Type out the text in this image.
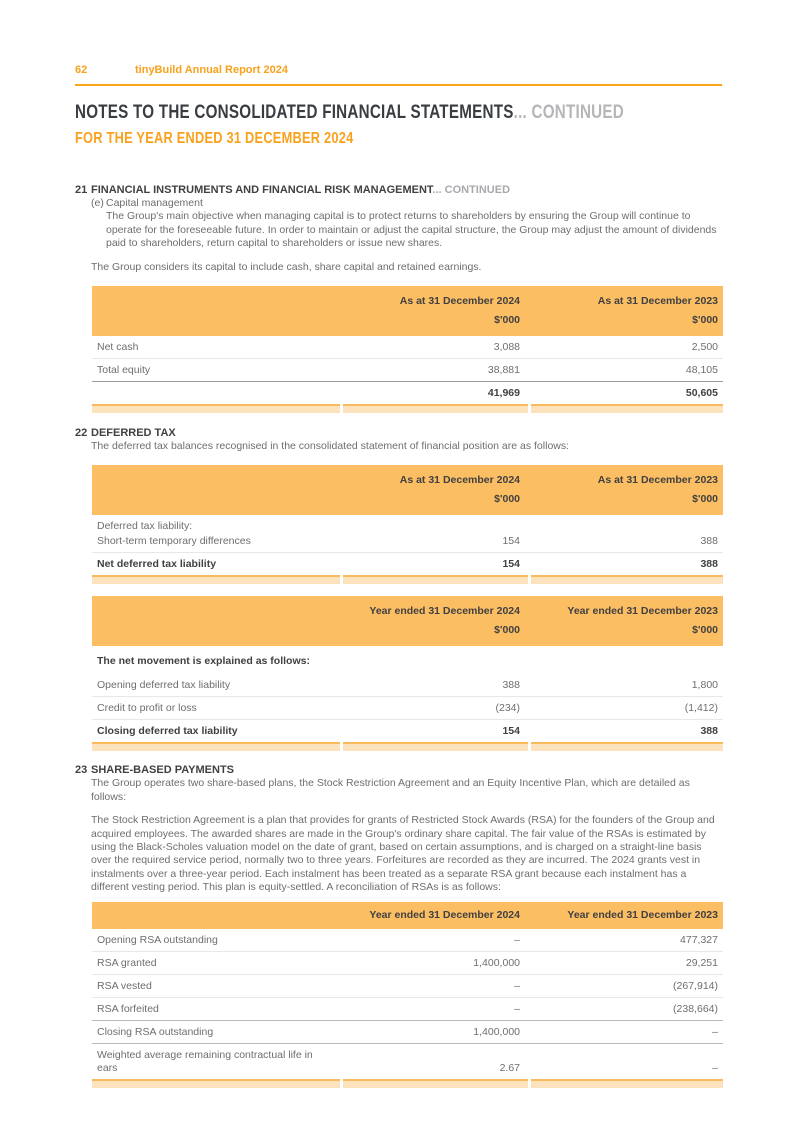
62	tinyBuild Annual Report 2024
NOTES TO THE CONSOLIDATED FINANCIAL STATEMENTS... CONTINUED
FOR THE YEAR ENDED 31 DECEMBER 2024
21 FINANCIAL INSTRUMENTS AND FINANCIAL RISK MANAGEMENT... CONTINUED
(e) Capital management

The Group's main objective when managing capital is to protect returns to shareholders by ensuring the Group will continue to operate for the foreseeable future. In order to maintain or adjust the capital structure, the Group may adjust the amount of dividends paid to shareholders, return capital to shareholders or issue new shares.

The Group considers its capital to include cash, share capital and retained earnings.

	As at 31 December 2024	As at 31 December 2023
	$'000	$'000
Net cash	3,088	2,500
Total equity	38,881	48,105
	41,969	50,605
22 DEFERRED TAX

The deferred tax balances recognised in the consolidated statement of financial position are as follows:

	As at 31 December 2024	As at 31 December 2023
	$'000	$'000

Deferred tax liability:
Short-term temporary differences	154	388
Net deferred tax liability	154	388
	Year ended 31 December 2024	Year ended 31 December 2023
	$'000	$'000
The net movement is explained as follows:		
Opening deferred tax liability	388	1,800
Credit to profit or loss	(234)	(1,412)
Closing deferred tax liability	154	388
23 SHARE-BASED PAYMENTS

The Group operates two share-based plans, the Stock Restriction Agreement and an Equity Incentive Plan, which are detailed as follows:

The Stock Restriction Agreement is a plan that provides for grants of Restricted Stock Awards (RSA) for the founders of the Group and acquired employees. The awarded shares are made in the Group's ordinary share capital. The fair value of the RSAs is estimated by using the Black-Scholes valuation model on the date of grant, based on certain assumptions, and is charged on a straight-line basis over the required service period, normally two to three years. Forfeitures are recorded as they are incurred. The 2024 grants vest in instalments over a three-year period. Each instalment has been treated as a separate RSA grant because each instalment has a different vesting period. This plan is equity-settled. A reconciliation of RSAs is as follows:

	Year ended 31 December 2024	Year ended 31 December 2023
Opening RSA outstanding	–	477,327
RSA granted	1,400,000	29,251
RSA vested	–	(267,914)
RSA forfeited	–	(238,664)
Closing RSA outstanding	1,400,000	–
Weighted average remaining contractual life in ears	2.67	–
